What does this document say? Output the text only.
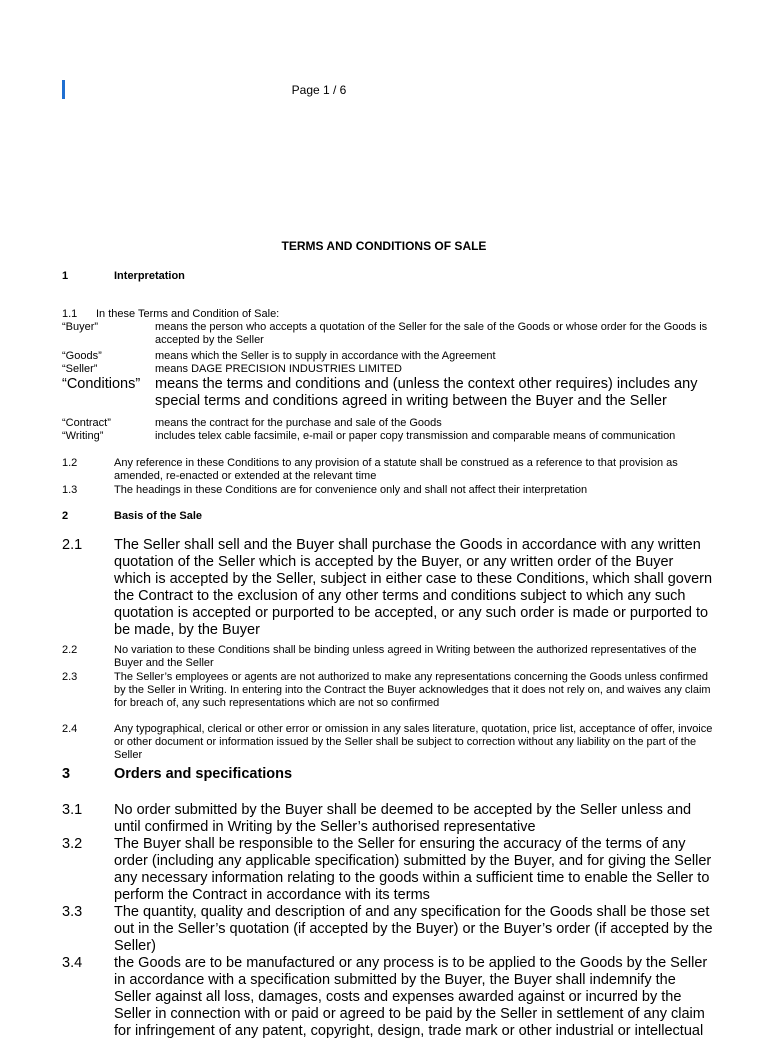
Page 1 / 6
TERMS AND CONDITIONS OF SALE
1	Interpretation
1.1 In these Terms and Condition of Sale:
“Buyer”	means the person who accepts a quotation of the Seller for the sale of the Goods or whose order for the Goods is accepted by the Seller
“Goods”	means which the Seller is to supply in accordance with the Agreement
“Seller”	means DAGE PRECISION INDUSTRIES LIMITED
“Conditions” means the terms and conditions and (unless the context other requires) includes any special terms and conditions agreed in writing between the Buyer and the Seller
“Contract”	means the contract for the purchase and sale of the Goods
“Writing”	includes telex cable facsimile, e-mail or paper copy transmission and comparable means of communication
1.2	Any reference in these Conditions to any provision of a statute shall be construed as a reference to that provision as amended, re-enacted or extended at the relevant time
1.3	The headings in these Conditions are for convenience only and shall not affect their interpretation
2	Basis of the Sale
2.1 The Seller shall sell and the Buyer shall purchase the Goods in accordance with any written quotation of the Seller which is accepted by the Buyer, or any written order of the Buyer which is accepted by the Seller, subject in either case to these Conditions, which shall govern the Contract to the exclusion of any other terms and conditions subject to which any such quotation is accepted or purported to be accepted, or any such order is made or purported to be made, by the Buyer
2.2	No variation to these Conditions shall be binding unless agreed in Writing between the authorized representatives of the Buyer and the Seller
2.3	The Seller’s employees or agents are not authorized to make any representations concerning the Goods unless confirmed by the Seller in Writing. In entering into the Contract the Buyer acknowledges that it does not rely on, and waives any claim for breach of, any such representations which are not so confirmed
2.4	Any typographical, clerical or other error or omission in any sales literature, quotation, price list, acceptance of offer, invoice or other document or information issued by the Seller shall be subject to correction without any liability on the part of the Seller
3	Orders and specifications
3.1 No order submitted by the Buyer shall be deemed to be accepted by the Seller unless and until confirmed in Writing by the Seller’s authorised representative
3.2 The Buyer shall be responsible to the Seller for ensuring the accuracy of the terms of any order (including any applicable specification) submitted by the Buyer, and for giving the Seller any necessary information relating to the goods within a sufficient time to enable the Seller to perform the Contract in accordance with its terms
3.3 The quantity, quality and description of and any specification for the Goods shall be those set out in the Seller’s quotation (if accepted by the Buyer) or the Buyer’s order (if accepted by the Seller)
3.4 the Goods are to be manufactured or any process is to be applied to the Goods by the Seller in accordance with a specification submitted by the Buyer, the Buyer shall indemnify the Seller against all loss, damages, costs and expenses awarded against or incurred by the Seller in connection with or paid or agreed to be paid by the Seller in settlement of any claim for infringement of any patent, copyright, design, trade mark or other industrial or intellectual
